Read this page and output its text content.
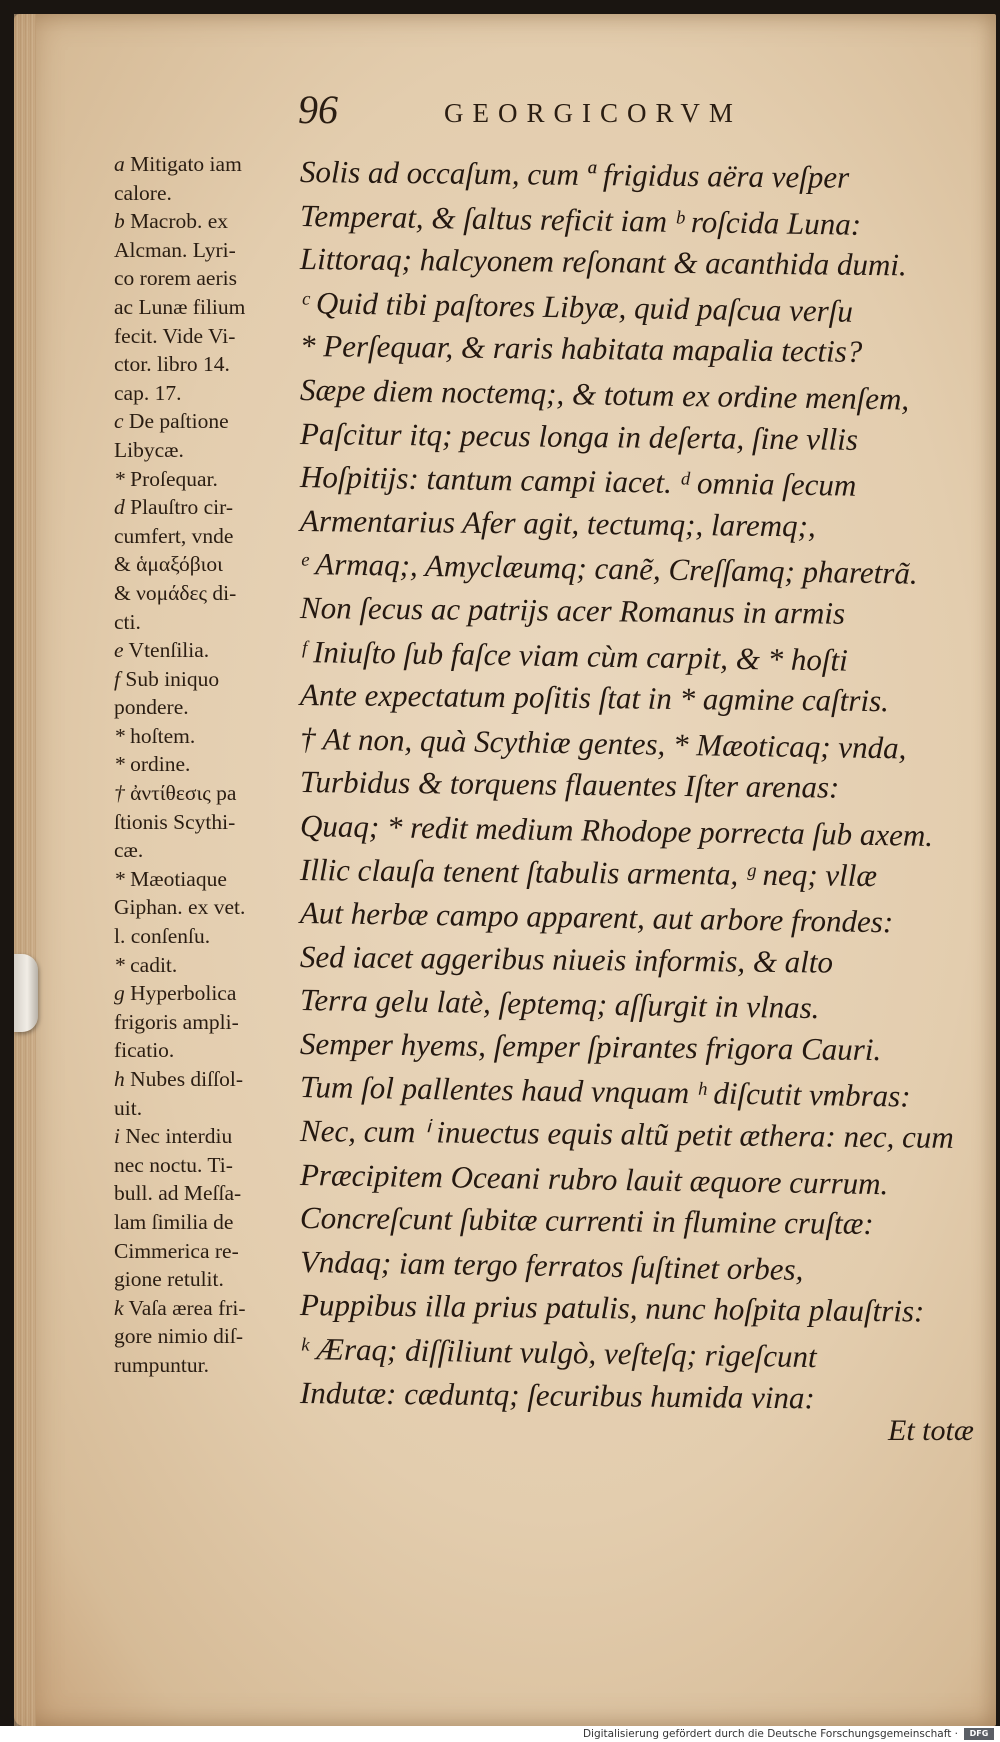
96	GEORGICORVM
a Mitigato iam
calore.
b Macrob. ex
Alcman. Lyri-
co rorem aeris
ac Lunæ filium
fecit. Vide Vi-
ctor. libro 14.
cap. 17.
c De paſtione
Libycæ.
* Proſequar.
d Plauſtro cir-
cumfert, vnde
& ἁμαξόβιοι
& νομάδες di-
cti.
e Vtenſilia.
f Sub iniquo
pondere.
* hoſtem.
* ordine.
† ἀντίθεσις pa
ſtionis Scythi-
cæ.
* Mæotiaque
Giphan. ex vet.
l. conſenſu.
* cadit.
g Hyperbolica
frigoris ampli-
ficatio.
h Nubes diſſol-
uit.
i Nec interdiu
nec noctu. Ti-
bull. ad Meſſa-
lam ſimilia de
Cimmerica re-
gione retulit.
k Vaſa ærea fri-
gore nimio diſ-
rumpuntur.
Solis ad occaſum, cum ª frigidus aëra veſper
Temperat, & ſaltus reficit iam ᵇ roſcida Luna:
Littoraq; halcyonem reſonant & acanthida dumi.
ᶜ Quid tibi paſtores Libyæ, quid paſcua verſu
* Perſequar, & raris habitata mapalia tectis?
Sæpe diem noctemq;, & totum ex ordine menſem,
Paſcitur itq; pecus longa in deſerta, ſine vllis
Hoſpitijs: tantum campi iacet. ᵈ omnia ſecum
Armentarius Afer agit, tectumq;, laremq;,
ᵉ Armaq;, Amyclæumq; canẽ, Creſſamq; pharetrã.
Non ſecus ac patrijs acer Romanus in armis
ᶠ Iniuſto ſub faſce viam cùm carpit, & * hoſti
Ante expectatum poſitis ſtat in * agmine caſtris.
† At non, quà Scythiæ gentes, * Mæoticaq; vnda,
Turbidus & torquens flauentes Iſter arenas:
Quaq; * redit medium Rhodope porrecta ſub axem.
Illic clauſa tenent ſtabulis armenta, ᵍ neq; vllæ
Aut herbæ campo apparent, aut arbore frondes:
Sed iacet aggeribus niueis informis, & alto
Terra gelu latè, ſeptemq; aſſurgit in vlnas.
Semper hyems, ſemper ſpirantes frigora Cauri.
Tum ſol pallentes haud vnquam ʰ diſcutit vmbras:
Nec, cum ⁱ inuectus equis altũ petit æthera: nec, cum
Præcipitem Oceani rubro lauit æquore currum.
Concreſcunt ſubitæ currenti in flumine cruſtæ:
Vndaq; iam tergo ferratos ſuſtinet orbes,
Puppibus illa prius patulis, nunc hoſpita plauſtris:
ᵏ Æraq; diſſiliunt vulgò, veſteſq; rigeſcunt
Indutæ: cæduntq; ſecuribus humida vina:
Et totæ
Digitalisierung gefördert durch die Deutsche Forschungsgemeinschaft ·	DFG
